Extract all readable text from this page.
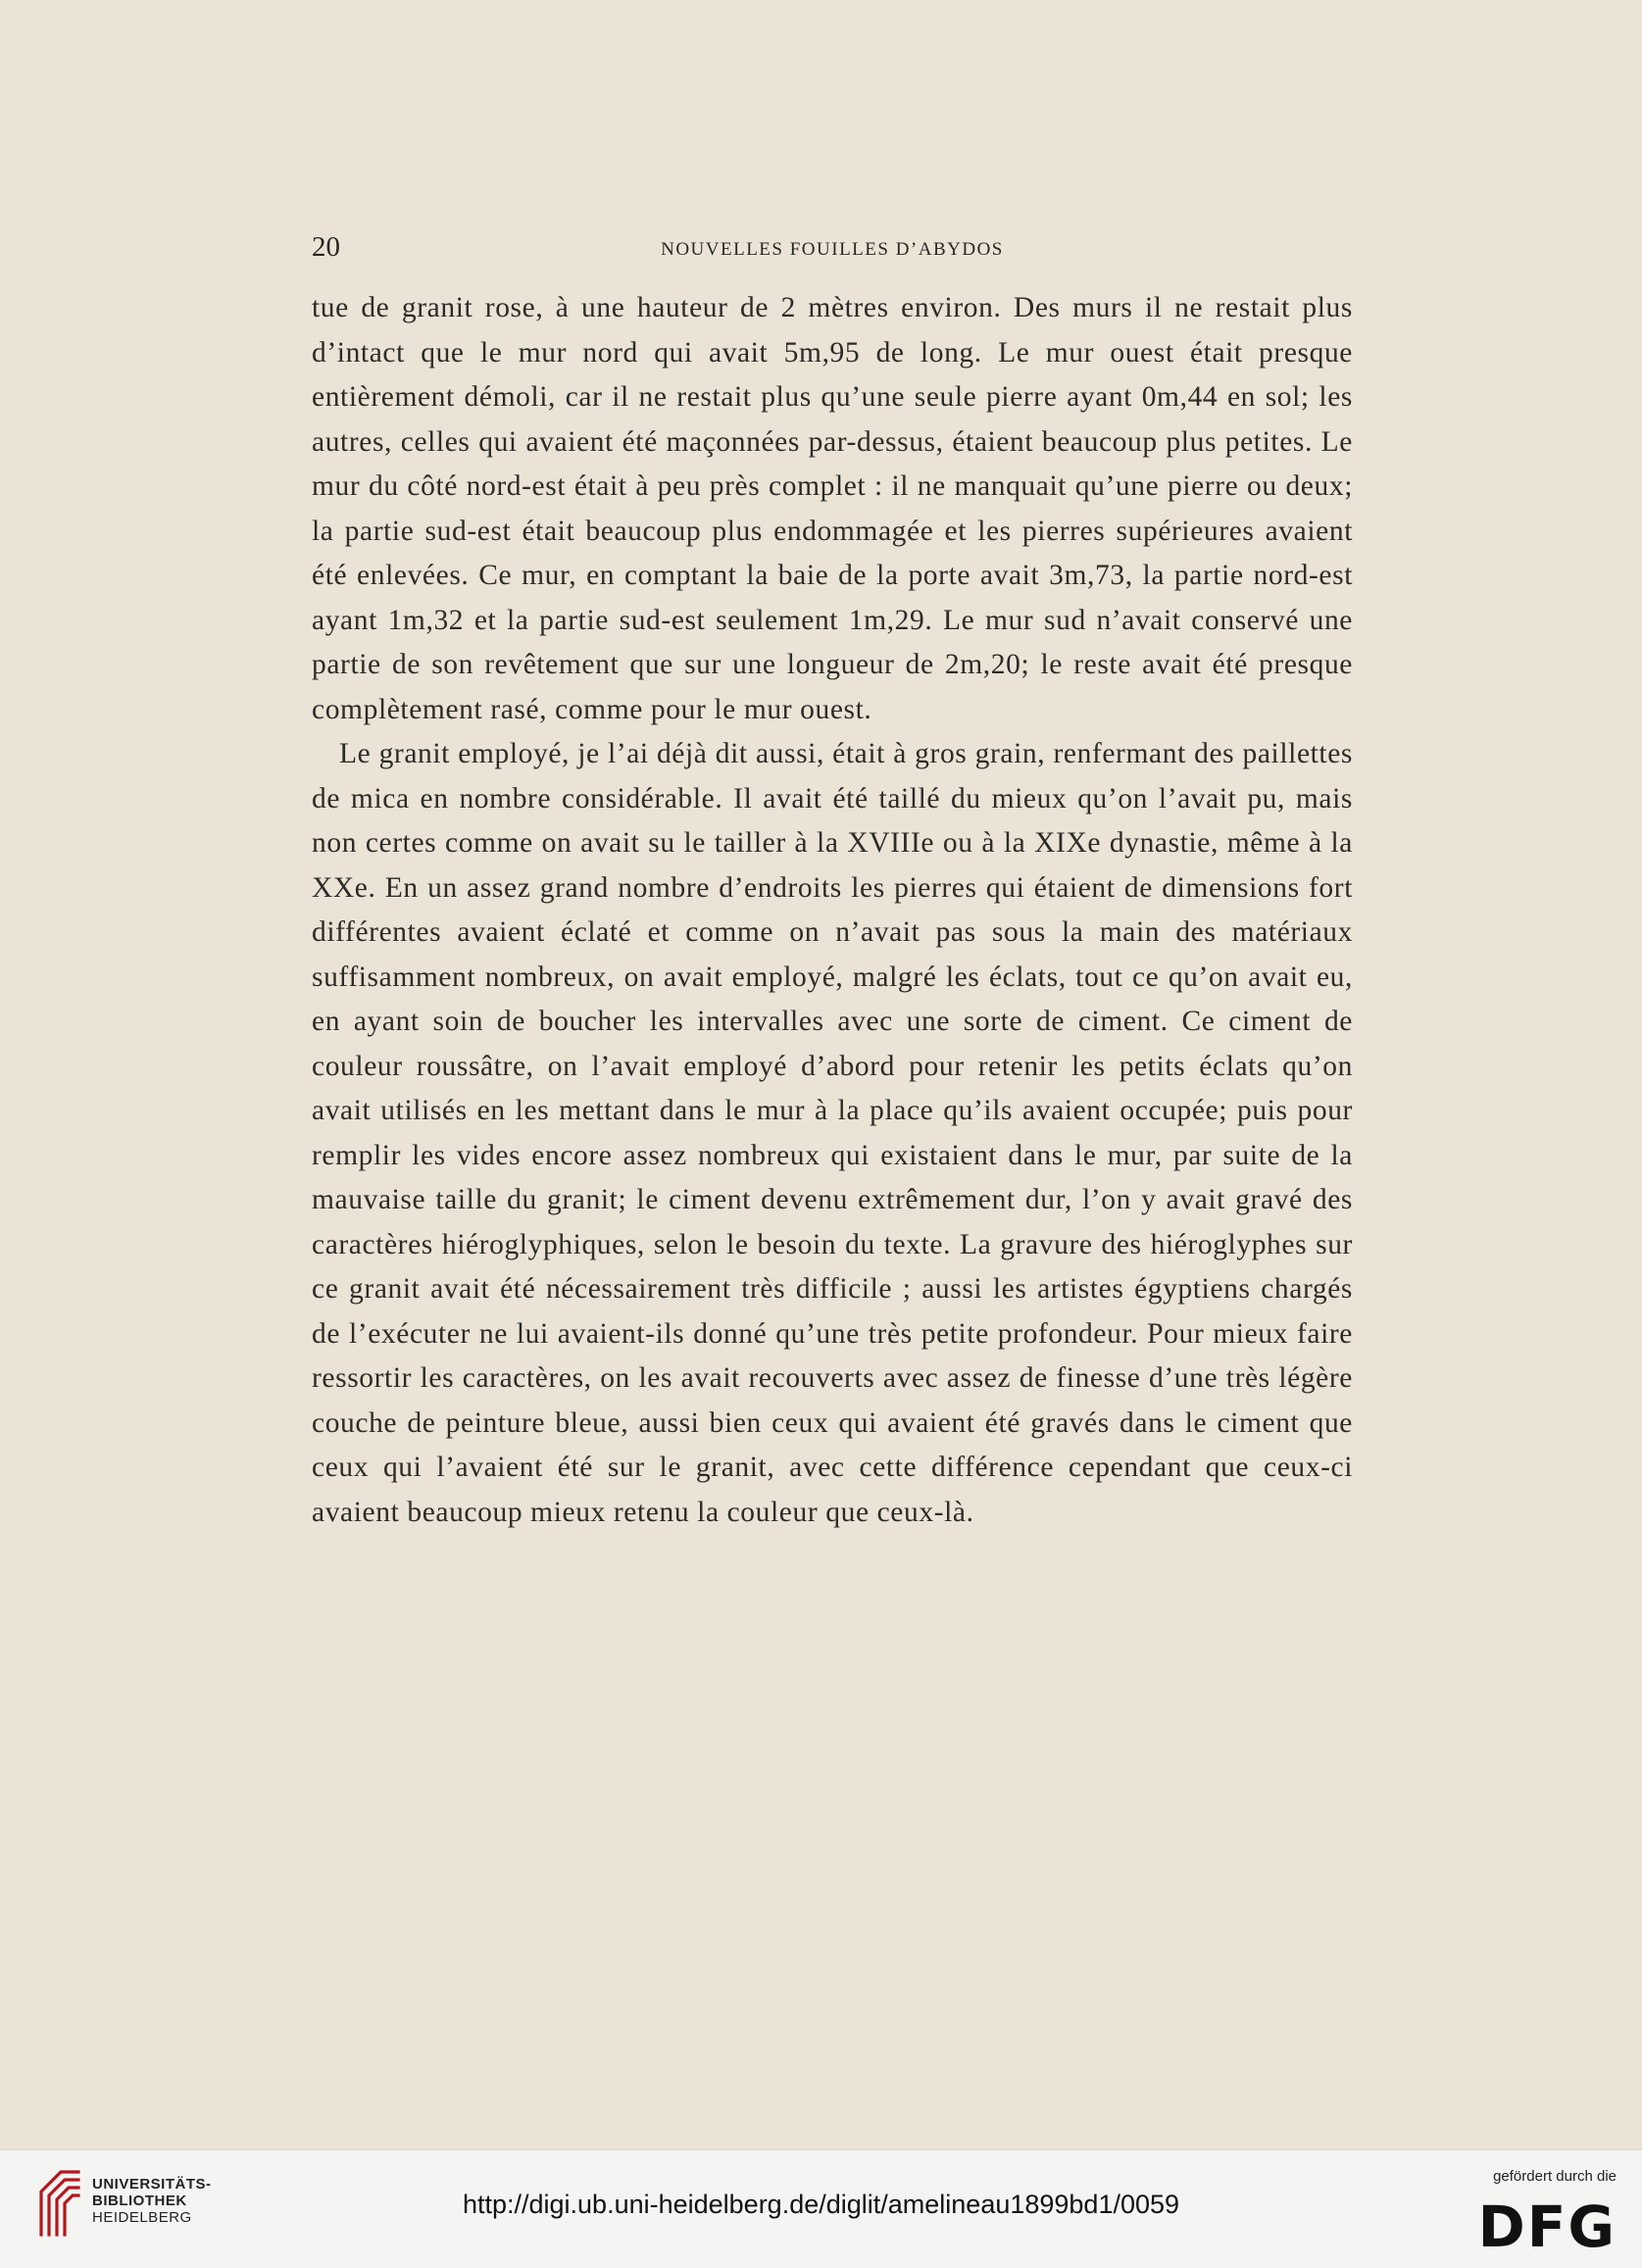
20	NOUVELLES FOUILLES D’ABYDOS

tue de granit rose, à une hauteur de 2 mètres environ. Des murs il ne restait plus d’intact que le mur nord qui avait 5m,95 de long. Le mur ouest était presque entièrement démoli, car il ne restait plus qu’une seule pierre ayant 0m,44 en sol; les autres, celles qui avaient été maçonnées par-dessus, étaient beaucoup plus petites. Le mur du côté nord-est était à peu près complet : il ne manquait qu’une pierre ou deux; la partie sud-est était beaucoup plus endommagée et les pierres supérieures avaient été enlevées. Ce mur, en comptant la baie de la porte avait 3m,73, la partie nord-est ayant 1m,32 et la partie sud-est seulement 1m,29. Le mur sud n’avait conservé une partie de son revêtement que sur une longueur de 2m,20; le reste avait été presque complètement rasé, comme pour le mur ouest.

Le granit employé, je l’ai déjà dit aussi, était à gros grain, renfermant des paillettes de mica en nombre considérable. Il avait été taillé du mieux qu’on l’avait pu, mais non certes comme on avait su le tailler à la XVIIIe ou à la XIXe dynastie, même à la XXe. En un assez grand nombre d’endroits les pierres qui étaient de dimensions fort différentes avaient éclaté et comme on n’avait pas sous la main des matériaux suffisamment nombreux, on avait employé, malgré les éclats, tout ce qu’on avait eu, en ayant soin de boucher les intervalles avec une sorte de ciment. Ce ciment de couleur roussâtre, on l’avait employé d’abord pour retenir les petits éclats qu’on avait utilisés en les mettant dans le mur à la place qu’ils avaient occupée; puis pour remplir les vides encore assez nombreux qui existaient dans le mur, par suite de la mauvaise taille du granit; le ciment devenu extrêmement dur, l’on y avait gravé des caractères hiéroglyphiques, selon le besoin du texte. La gravure des hiéroglyphes sur ce granit avait été nécessairement très difficile ; aussi les artistes égyptiens chargés de l’exécuter ne lui avaient-ils donné qu’une très petite profondeur. Pour mieux faire ressortir les caractères, on les avait recouverts avec assez de finesse d’une très légère couche de peinture bleue, aussi bien ceux qui avaient été gravés dans le ciment que ceux qui l’avaient été sur le granit, avec cette différence cependant que ceux-ci avaient beaucoup mieux retenu la couleur que ceux-là.

UNIVERSITÄTS-
BIBLIOTHEK
HEIDELBERG	http://digi.ub.uni-heidelberg.de/diglit/amelineau1899bd1/0059
gefördert durch die
DFG
